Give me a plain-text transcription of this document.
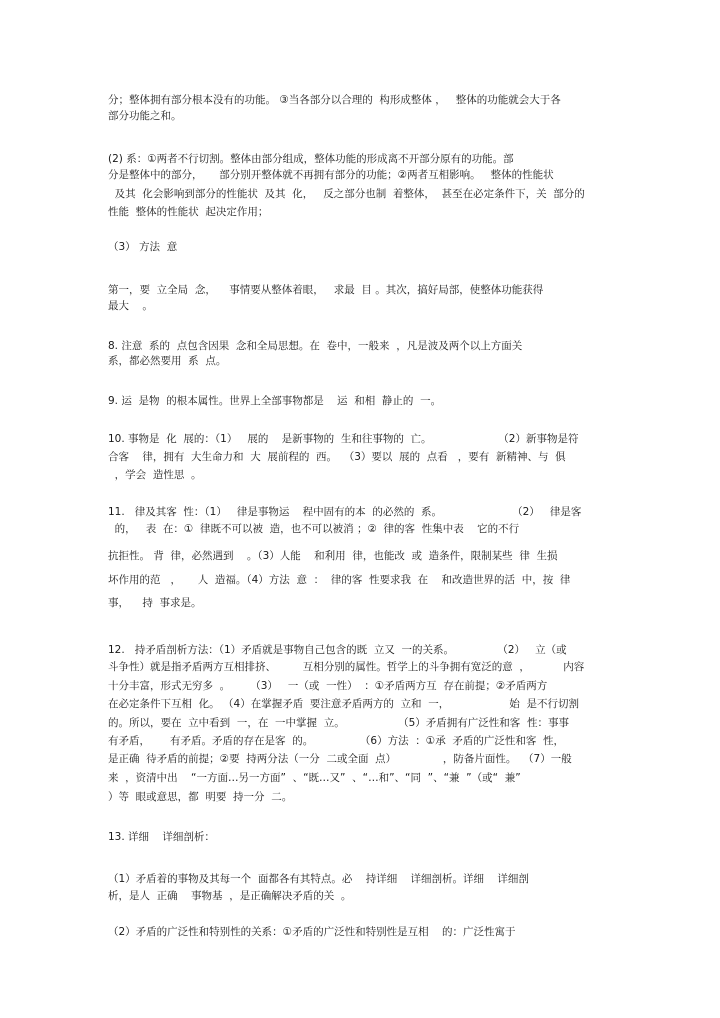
分；整体拥有部分根本没有的功能。 ③当各部分以合理的  构形成整体 ，   整体的功能就会大于各
部分功能之和。
(2) 系：①两者不行切割。整体由部分组成，整体功能的形成离不开部分原有的功能。部
分是整体中的部分，     部分别开整体就不再拥有部分的功能；②两者互相影响。   整体的性能状
及其  化会影响到部分的性能状  及其  化，   反之部分也制  着整体，  甚至在必定条件下，关  部分的
性能  整体的性能状  起决定作用；
（3） 方法  意
第一，要  立全局  念，    事情要从整体着眼，   求最  目 。其次，搞好局部，使整体功能获得
最大    。
8. 注意  系的  点包含因果  念和全局思想。在  卷中，一般来  ，凡是波及两个以上方面关
系，都必然要用  系  点。
9. 运  是物  的根本属性。世界上全部事物都是    运  和相  静止的  一。
10. 事物是  化  展的：（1）   展的    是新事物的  生和往事物的  亡。                    （2）新事物是符
合客    律，拥有  大生命力和  大  展前程的  西。  （3）要以  展的  点看   ，要有  新精神、与  俱
，学会  造性思  。
11.   律及其客  性：（1）   律是事物运    程中固有的本  的必然的  系。                     （2）   律是客
的，   表  在：①  律既不可以被  造，也不可以被消 ；②  律的客  性集中表    它的不行
抗拒性。 背  律，必然遇到    。（3）人能    和利用  律，也能改  或  造条件，限制某些  律  生损
坏作用的范   ，     人  造福。（4）方法  意  ：  律的客  性要求我  在    和改造世界的活  中，按  律
事，    持  事求是。
12.   持矛盾剖析方法：（1）矛盾就是事物自己包含的既  立又  一的关系。             （2）   立（或
斗争性）就是指矛盾两方互相排挤、        互相分别的属性。哲学上的斗争拥有宽泛的意  ，          内容
十分丰富，形式无穷多  。      （3）   一（或  一性）  ：①矛盾两方互  存在前提；②矛盾两方
在必定条件下互相  化。 （4）在掌握矛盾  要注意矛盾两方的  立和  一，                  始  是不行切割
的。所以，要在  立中看到  一，在  一中掌握  立。                （5）矛盾拥有广泛性和客  性：事事
有矛盾，      有矛盾。矛盾的存在是客  的。              （6）方法  ：①承  矛盾的广泛性和客  性，
是正确  待矛盾的前提；②要  持两分法（一分  二或全面  点）              ，防备片面性。  （7）一般
来  ，资清中出    “一方面…另一方面”  、“既…又”  、“…和”、“同  ”、“兼  ”（或“  兼”
）等  眼或意思，都  明要  持一分  二。
13. 详细    详细剖析：
（1）矛盾着的事物及其每一个  面都各有其特点。必    持详细    详细剖析。详细    详细剖
析，是人  正确    事物基  ，是正确解决矛盾的关  。
（2）矛盾的广泛性和特别性的关系：①矛盾的广泛性和特别性是互相    的：广泛性寓于
